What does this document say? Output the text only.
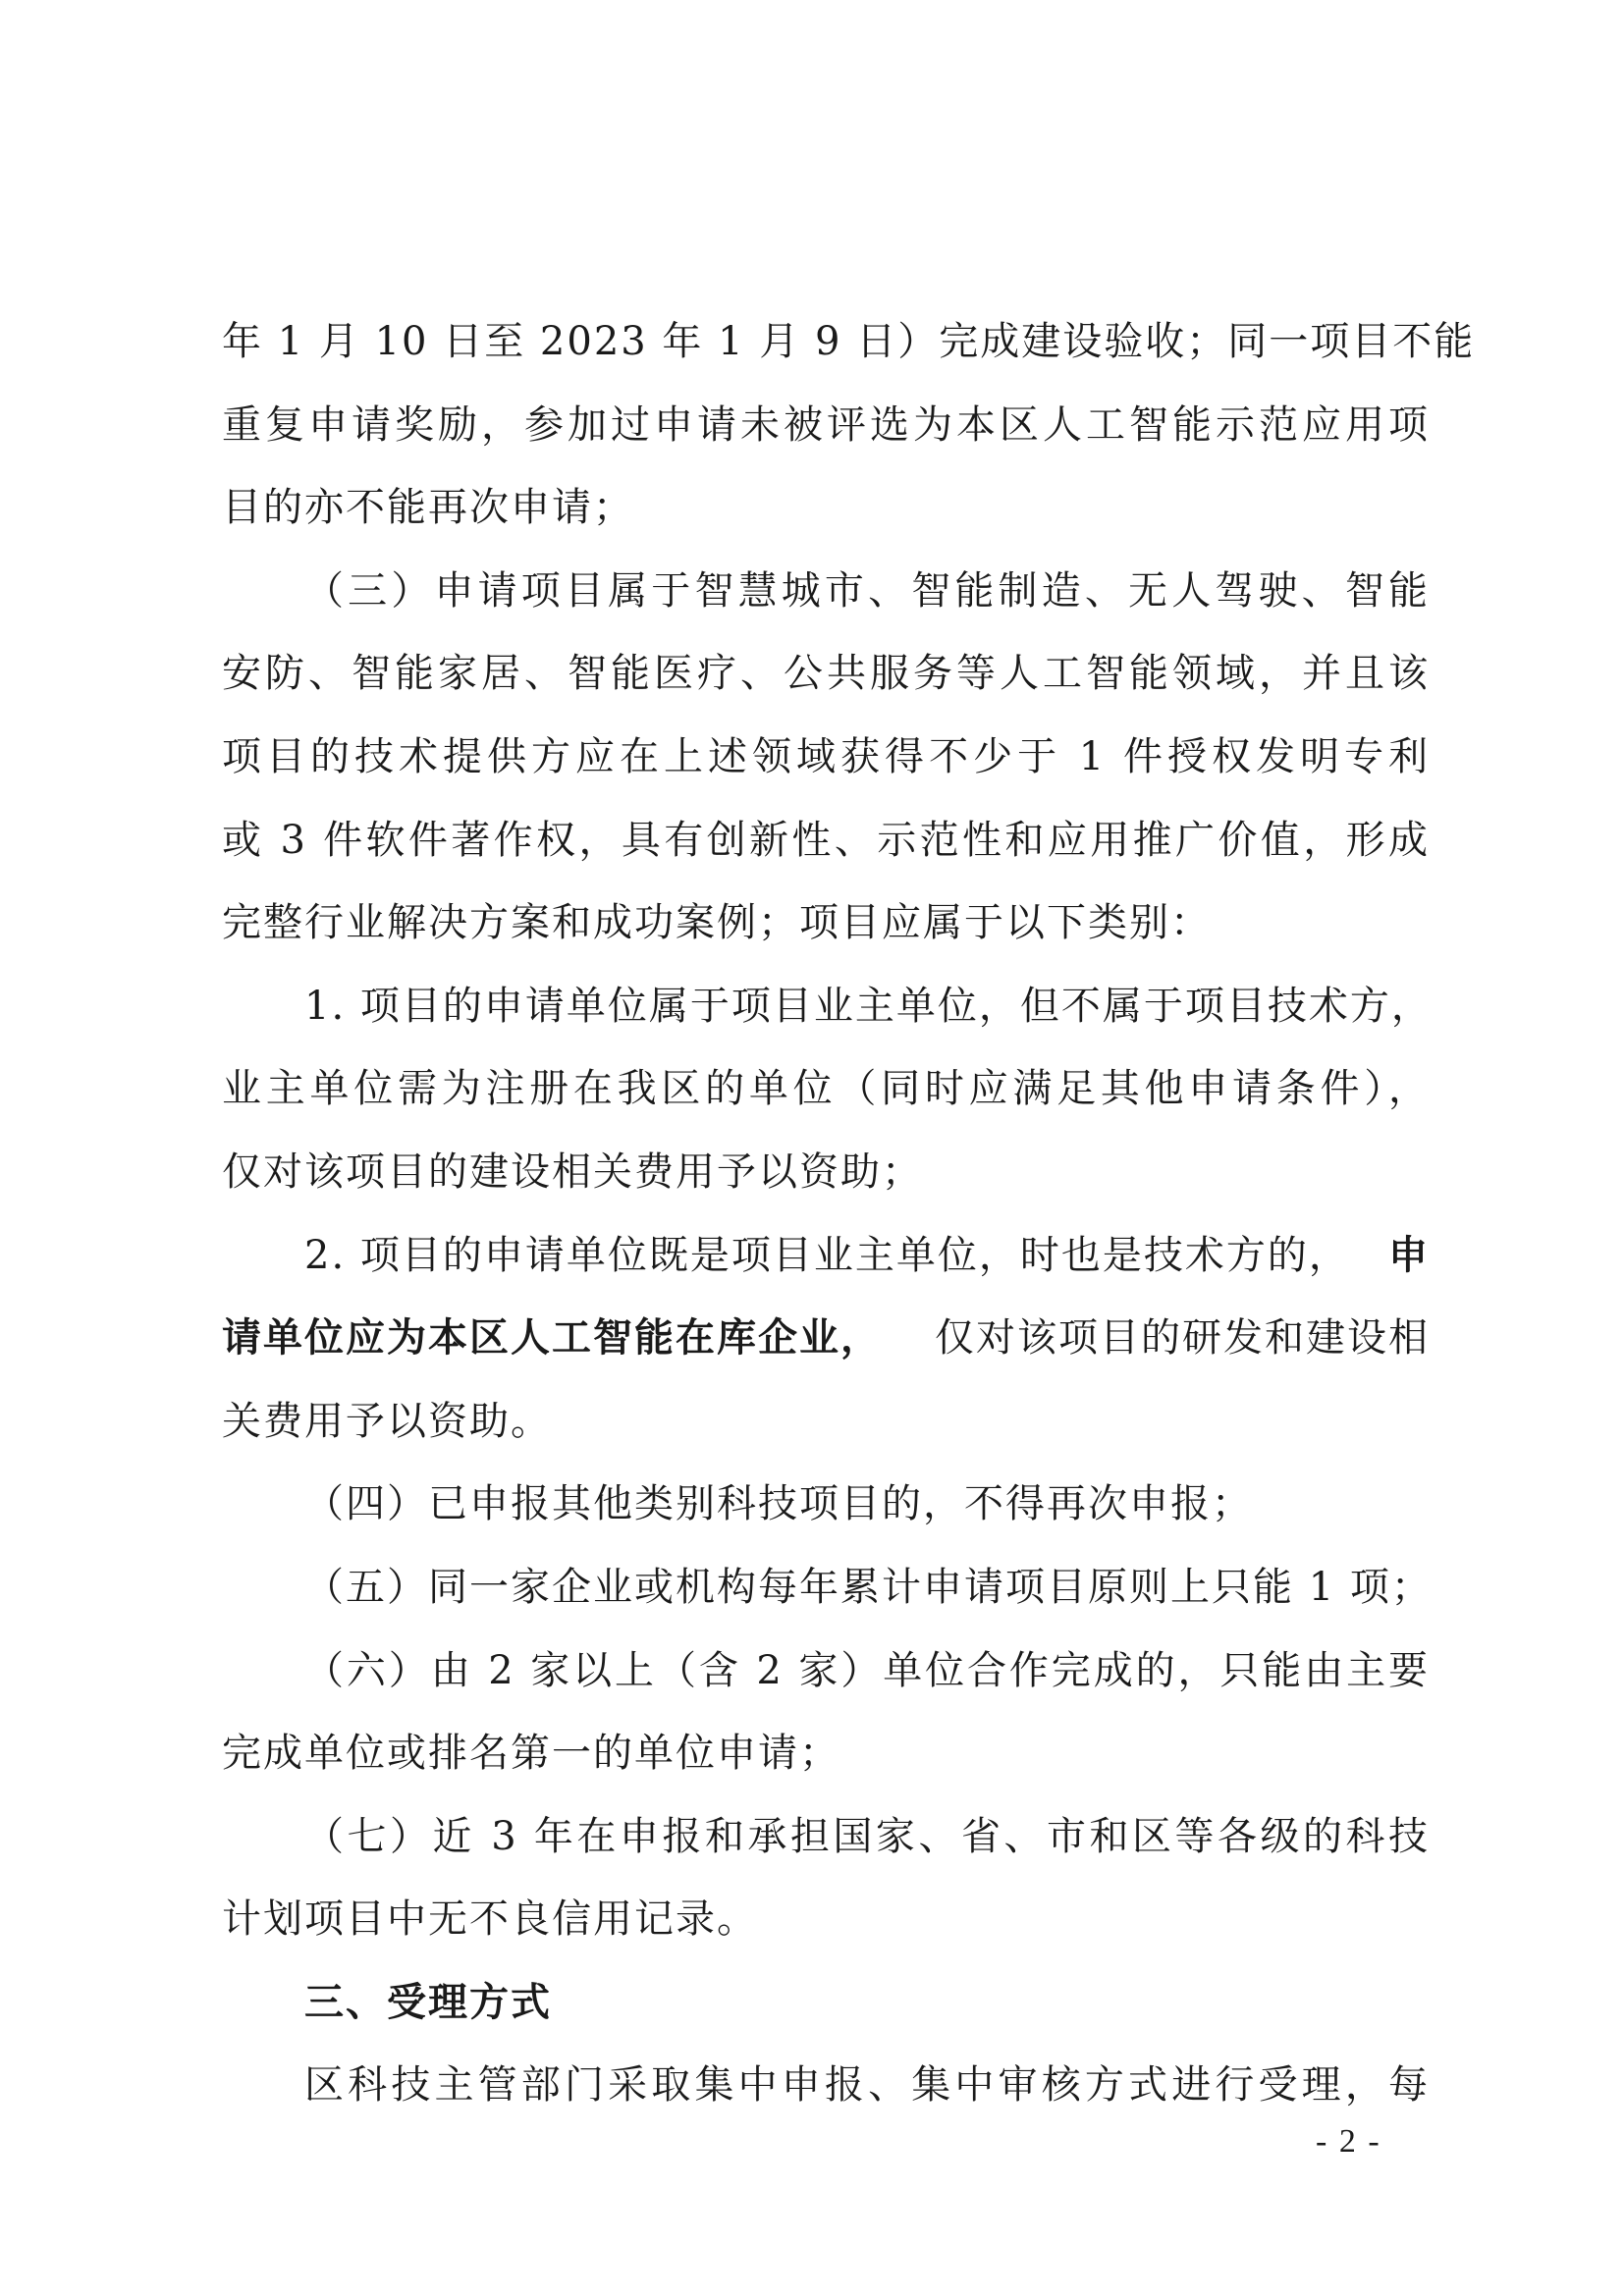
年 1 月 10 日至 2023 年 1 月 9 日）完成建设验收；同一项目不能
重复申请奖励，参加过申请未被评选为本区人工智能示范应用项
目的亦不能再次申请；
（三）申请项目属于智慧城市、智能制造、无人驾驶、智能
安防、智能家居、智能医疗、公共服务等人工智能领域，并且该
项目的技术提供方应在上述领域获得不少于 1 件授权发明专利
或 3 件软件著作权，具有创新性、示范性和应用推广价值，形成
完整行业解决方案和成功案例；项目应属于以下类别：
1. 项目的申请单位属于项目业主单位，但不属于项目技术方，
业主单位需为注册在我区的单位（同时应满足其他申请条件），
仅对该项目的建设相关费用予以资助；
2. 项目的申请单位既是项目业主单位，时也是技术方的， 申
请单位应为本区人工智能在库企业， 仅对该项目的研发和建设相
关费用予以资助。
（四）已申报其他类别科技项目的，不得再次申报；
（五）同一家企业或机构每年累计申请项目原则上只能 1 项；
（六）由 2 家以上（含 2 家）单位合作完成的，只能由主要
完成单位或排名第一的单位申请；
（七）近 3 年在申报和承担国家、省、市和区等各级的科技
计划项目中无不良信用记录。
三、受理方式
区科技主管部门采取集中申报、集中审核方式进行受理，每
- 2 -
